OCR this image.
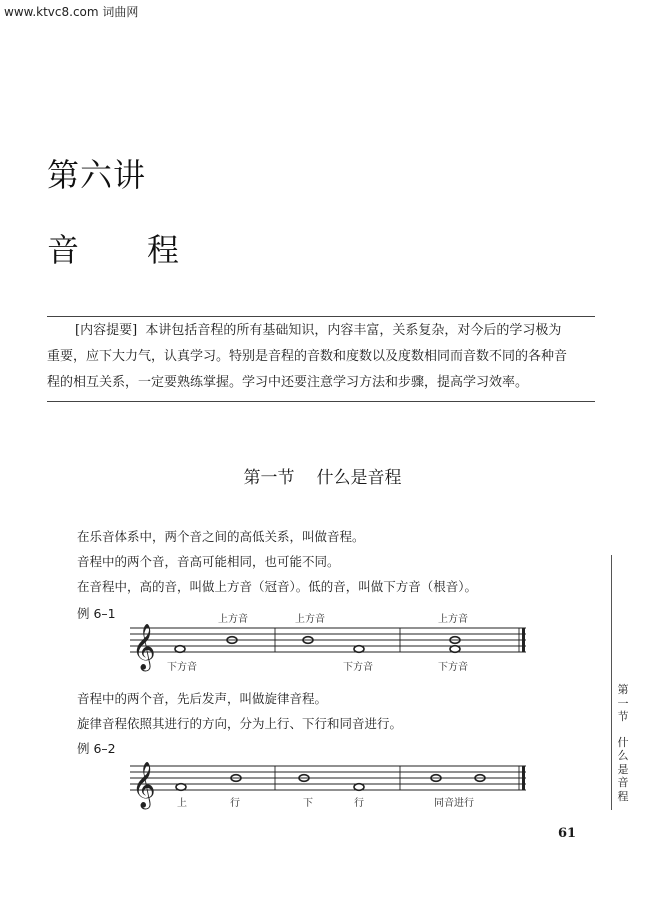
www.ktvc8.com 词曲网
第六讲
音　程
[内容提要] 本讲包括音程的所有基础知识，内容丰富，关系复杂，对今后的学习极为
重要，应下大力气，认真学习。特别是音程的音数和度数以及度数相同而音数不同的各种音
程的相互关系，一定要熟练掌握。学习中还要注意学习方法和步骤，提高学习效率。
第一节 什么是音程
在乐音体系中，两个音之间的高低关系，叫做音程。
音程中的两个音，音高可能相同，也可能不同。
在音程中，高的音，叫做上方音（冠音）。低的音，叫做下方音（根音）。
例 6–1
𝄞
上方音	上方音	上方音
下方音	下方音	下方音
音程中的两个音，先后发声，叫做旋律音程。
旋律音程依照其进行的方向，分为上行、下行和同音进行。
例 6–2
𝄞 上	行	下	行	同音进行
第
一
节
什
么
是
音
程
61
